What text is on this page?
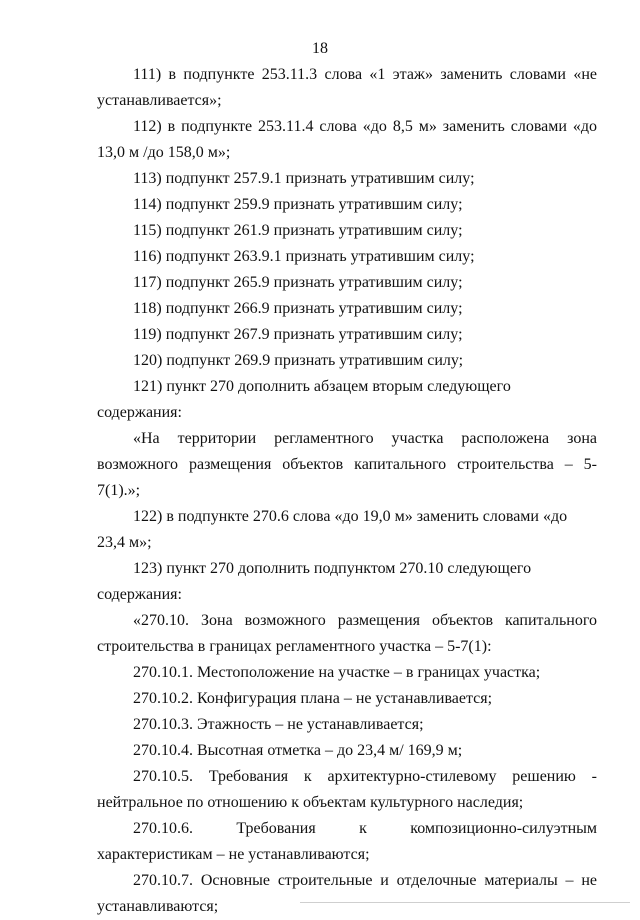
18

111) в подпункте 253.11.3 слова «1 этаж» заменить словами «не устанавливается»;

112) в подпункте 253.11.4 слова «до 8,5 м» заменить словами «до 13,0 м /до 158,0 м»;

113) подпункт 257.9.1 признать утратившим силу;

114) подпункт 259.9 признать утратившим силу;

115) подпункт 261.9 признать утратившим силу;

116) подпункт 263.9.1 признать утратившим силу;

117) подпункт 265.9 признать утратившим силу;

118) подпункт 266.9 признать утратившим силу;

119) подпункт 267.9 признать утратившим силу;

120) подпункт 269.9 признать утратившим силу;

121) пункт 270 дополнить абзацем вторым следующего содержания:

«На территории регламентного участка расположена зона возможного размещения объектов капитального строительства – 5-7(1).»;

122) в подпункте 270.6 слова «до 19,0 м» заменить словами «до 23,4 м»;

123) пункт 270 дополнить подпунктом 270.10 следующего содержания:

«270.10. Зона возможного размещения объектов капитального строительства в границах регламентного участка – 5-7(1):

270.10.1. Местоположение на участке – в границах участка;

270.10.2. Конфигурация плана – не устанавливается;

270.10.3. Этажность – не устанавливается;

270.10.4. Высотная отметка – до 23,4 м/ 169,9 м;

270.10.5. Требования к архитектурно-стилевому решению - нейтральное по отношению к объектам культурного наследия;

270.10.6. Требования к композиционно-силуэтным характеристикам – не устанавливаются;

270.10.7. Основные строительные и отделочные материалы – не устанавливаются;
